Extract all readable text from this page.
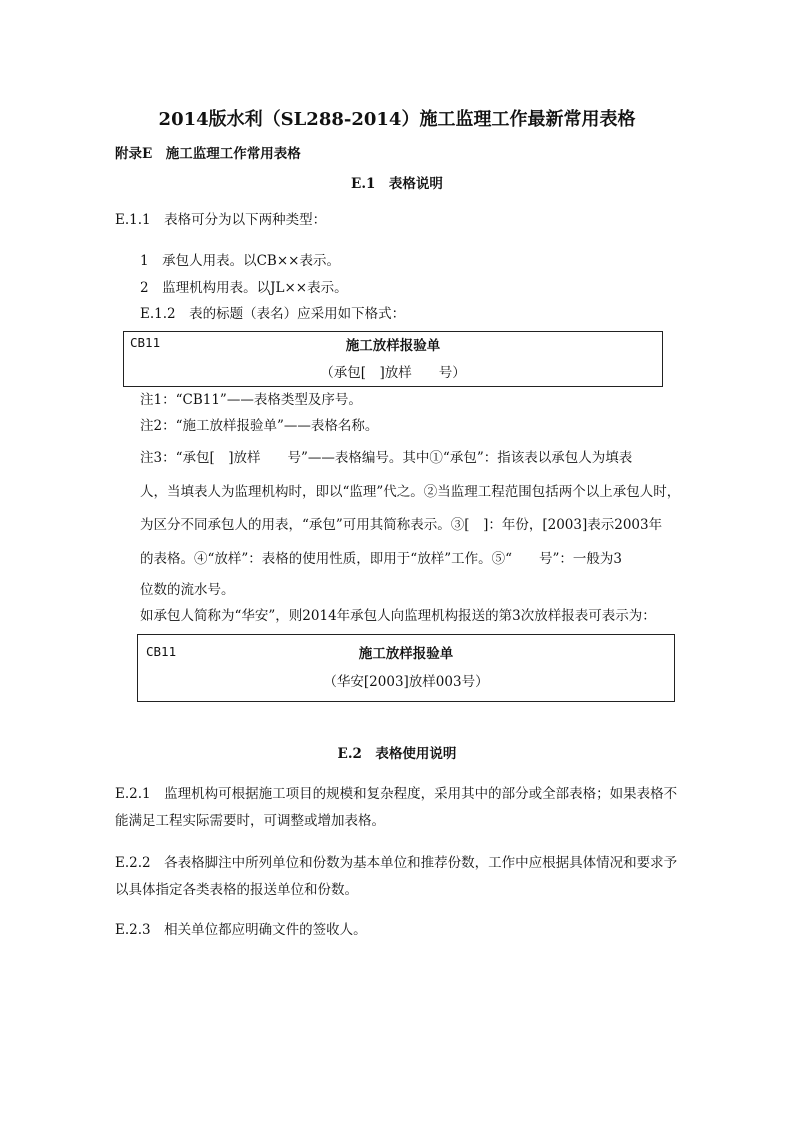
2014版水利（SL288-2014）施工监理工作最新常用表格
附录E　施工监理工作常用表格
E.1　表格说明
E.1.1　表格可分为以下两种类型：
1　承包人用表。以CB××表示。
2　监理机构用表。以JL××表示。
E.1.2　表的标题（表名）应采用如下格式：
CB11	施工放样报验单
（承包[　]放样　　号）
注1：“CB11”——表格类型及序号。
注2：“施工放样报验单”——表格名称。
注3：“承包[　]放样　　号”——表格编号。其中①“承包”：指该表以承包人为填表
人，当填表人为监理机构时，即以“监理”代之。②当监理工程范围包括两个以上承包人时，
为区分不同承包人的用表，“承包”可用其简称表示。③[　]：年份，[2003]表示2003年
的表格。④“放样”：表格的使用性质，即用于“放样”工作。⑤“　　号”：一般为3
位数的流水号。
如承包人简称为“华安”，则2014年承包人向监理机构报送的第3次放样报表可表示为：
CB11	施工放样报验单
（华安[2003]放样003号）
E.2　表格使用说明
E.2.1　监理机构可根据施工项目的规模和复杂程度，采用其中的部分或全部表格；如果表格不
能满足工程实际需要时，可调整或增加表格。
E.2.2　各表格脚注中所列单位和份数为基本单位和推荐份数，工作中应根据具体情况和要求予
以具体指定各类表格的报送单位和份数。
E.2.3　相关单位都应明确文件的签收人。
